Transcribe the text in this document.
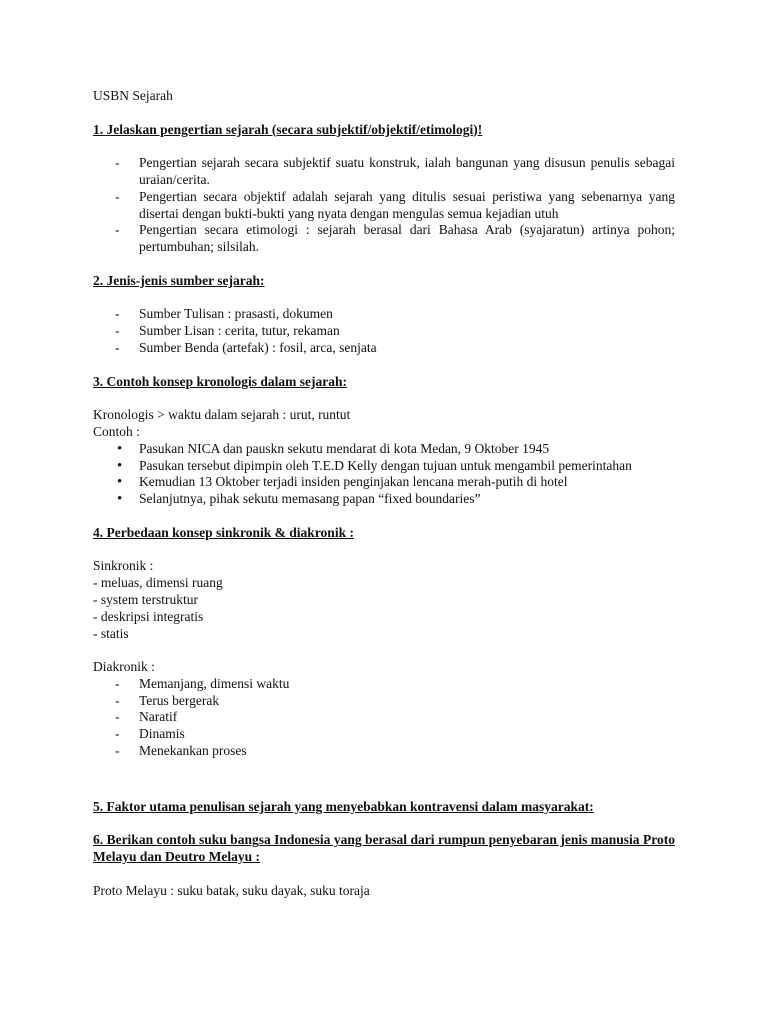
USBN Sejarah

1. Jelaskan pengertian sejarah (secara subjektif/objektif/etimologi)!

- Pengertian sejarah secara subjektif suatu konstruk, ialah bangunan yang disusun penulis sebagai uraian/cerita.
- Pengertian secara objektif adalah sejarah yang ditulis sesuai peristiwa yang sebenarnya yang disertai dengan bukti-bukti yang nyata dengan mengulas semua kejadian utuh
- Pengertian secara etimologi : sejarah berasal dari Bahasa Arab (syajaratun) artinya pohon; pertumbuhan; silsilah.

2. Jenis-jenis sumber sejarah:

- Sumber Tulisan : prasasti, dokumen
- Sumber Lisan : cerita, tutur, rekaman
- Sumber Benda (artefak) : fosil, arca, senjata

3. Contoh konsep kronologis dalam sejarah:

Kronologis > waktu dalam sejarah : urut, runtut

Contoh :

• Pasukan NICA dan pauskn sekutu mendarat di kota Medan, 9 Oktober 1945
• Pasukan tersebut dipimpin oleh T.E.D Kelly dengan tujuan untuk mengambil pemerintahan
• Kemudian 13 Oktober terjadi insiden penginjakan lencana merah-putih di hotel
• Selanjutnya, pihak sekutu memasang papan “fixed boundaries”

4. Perbedaan konsep sinkronik & diakronik :

Sinkronik :

- meluas, dimensi ruang

- system terstruktur

- deskripsi integratis

- statis

Diakronik :

- Memanjang, dimensi waktu
- Terus bergerak
- Naratif
- Dinamis
- Menekankan proses

5. Faktor utama penulisan sejarah yang menyebabkan kontravensi dalam masyarakat:

6. Berikan contoh suku bangsa Indonesia yang berasal dari rumpun penyebaran jenis manusia Proto Melayu dan Deutro Melayu :

Proto Melayu : suku batak, suku dayak, suku toraja
